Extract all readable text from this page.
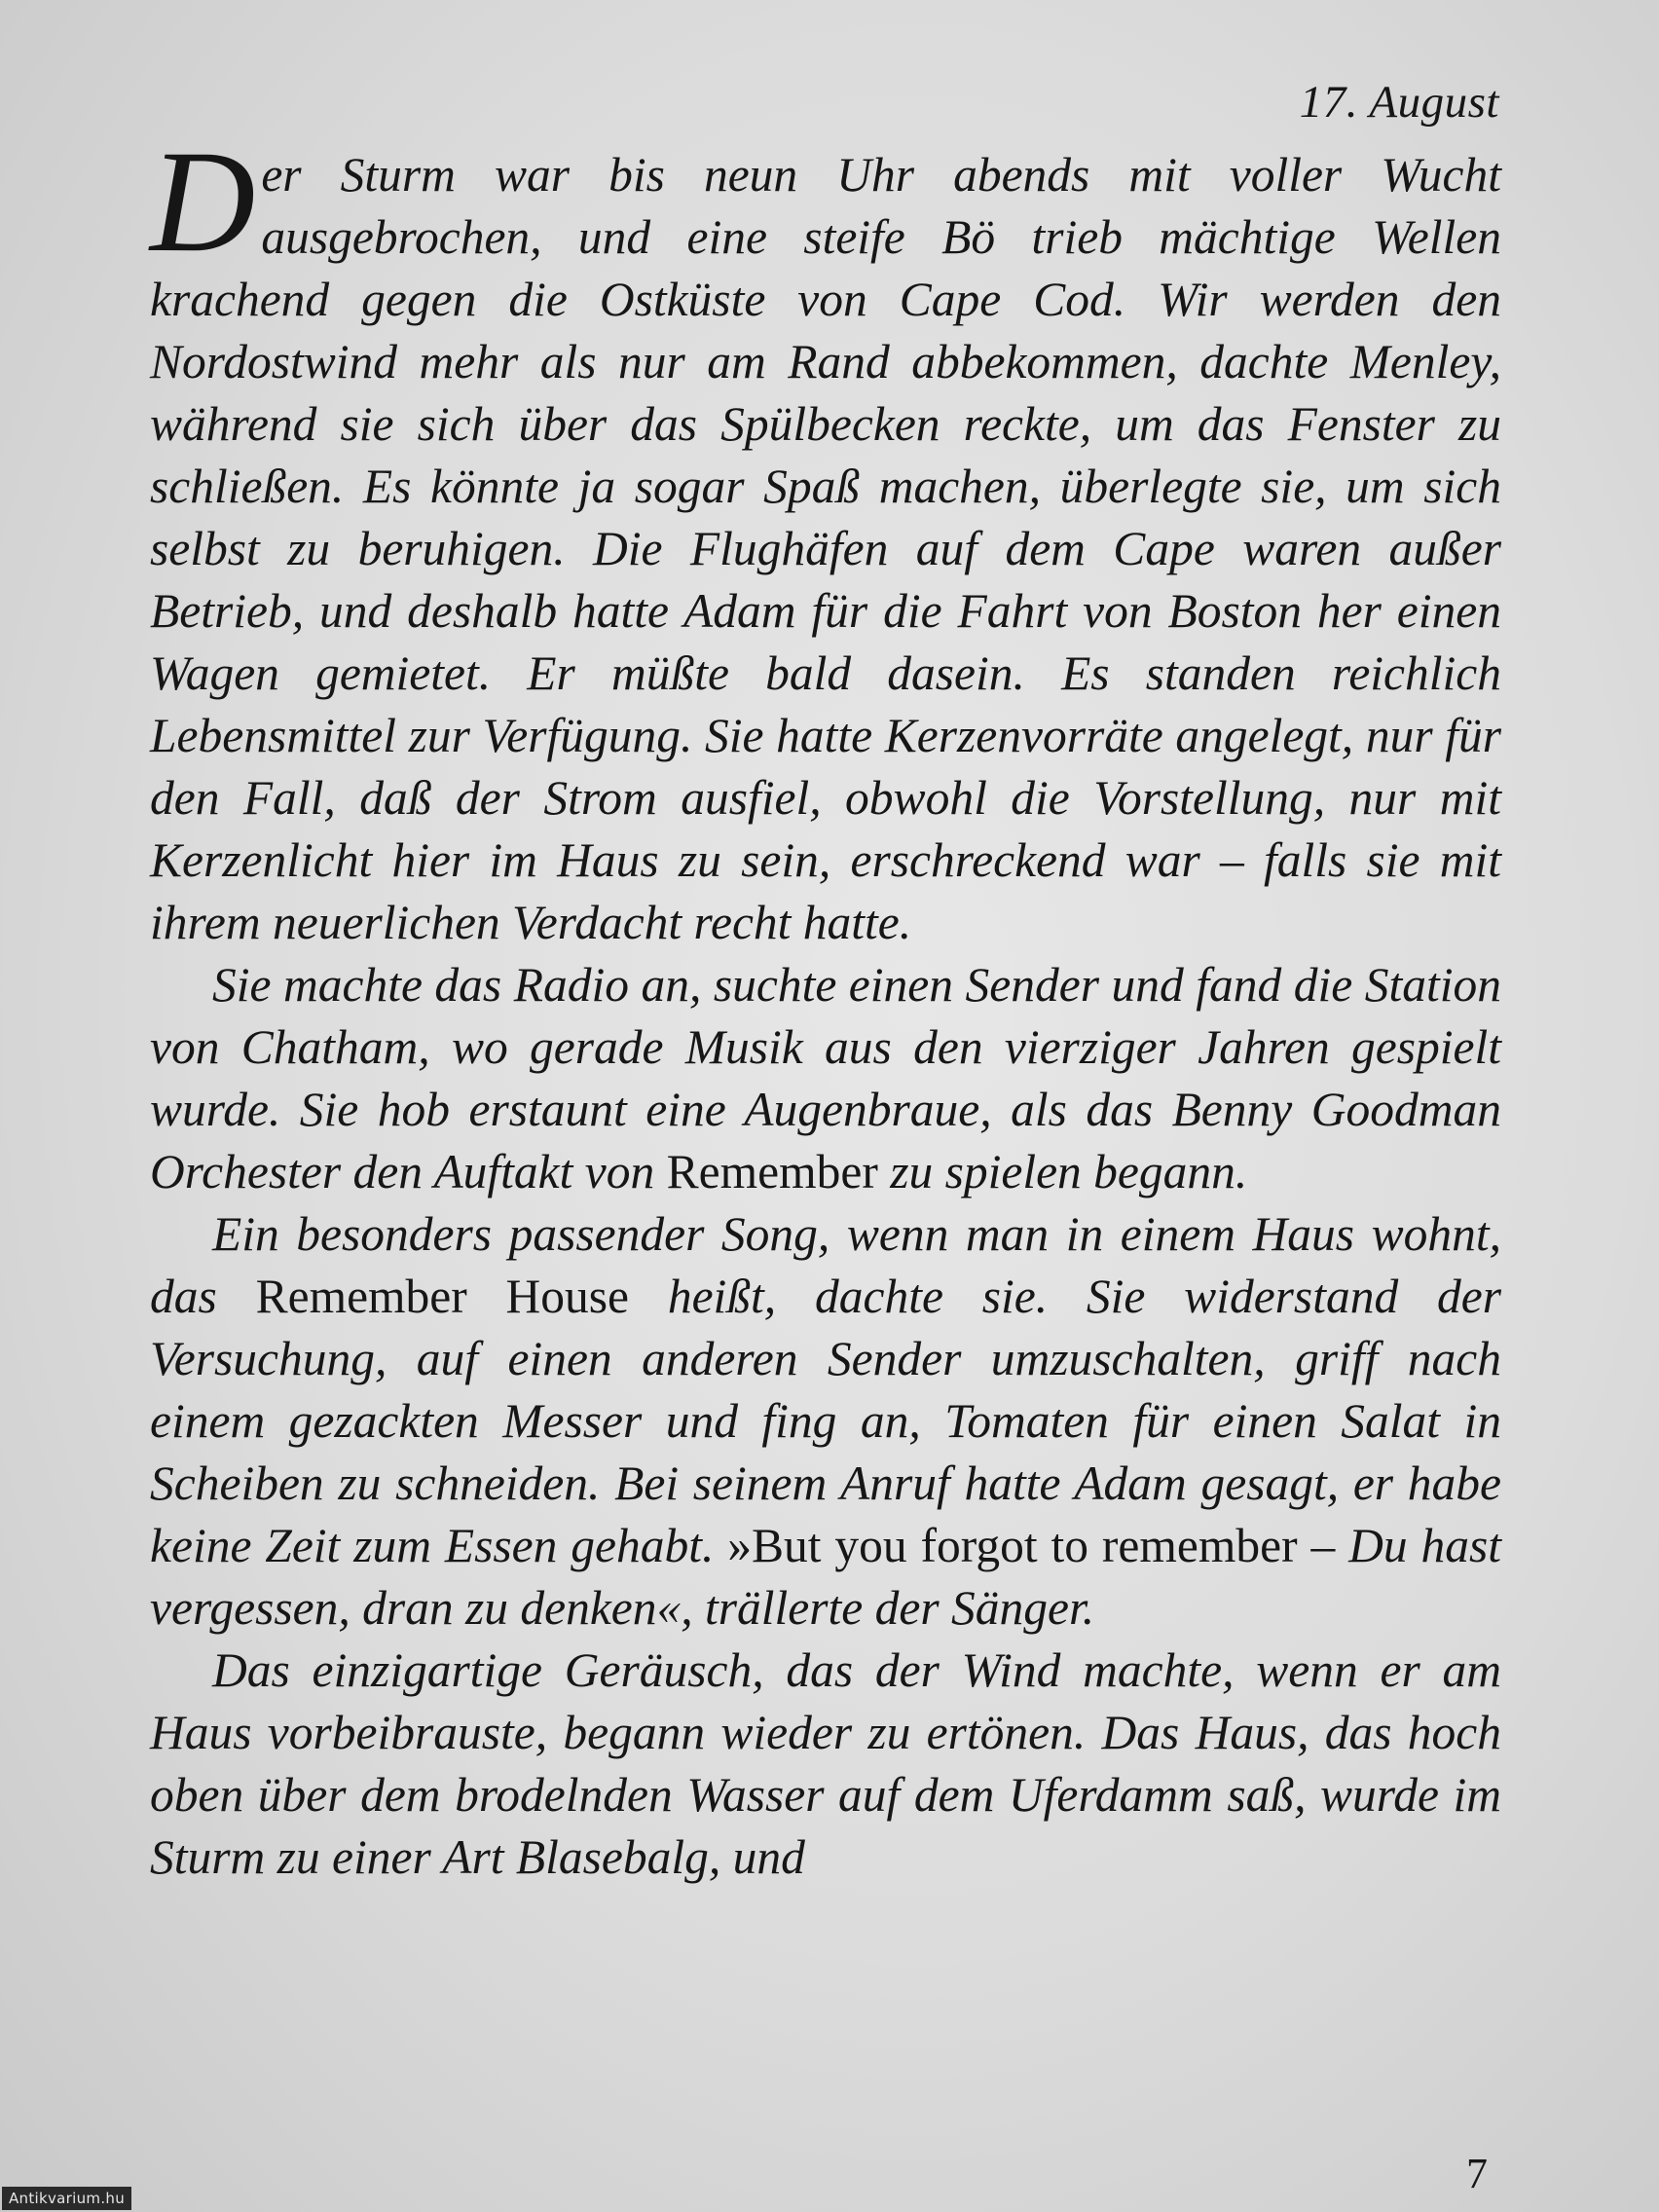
17. August

Der Sturm war bis neun Uhr abends mit voller Wucht ausgebrochen, und eine steife Bö trieb mächtige Wellen krachend gegen die Ostküste von Cape Cod. Wir werden den Nordostwind mehr als nur am Rand abbekommen, dachte Menley, während sie sich über das Spülbecken reckte, um das Fenster zu schließen. Es könnte ja sogar Spaß machen, überlegte sie, um sich selbst zu beruhigen. Die Flughäfen auf dem Cape waren außer Betrieb, und deshalb hatte Adam für die Fahrt von Boston her einen Wagen gemietet. Er müßte bald dasein. Es standen reichlich Lebensmittel zur Verfügung. Sie hatte Kerzenvorräte angelegt, nur für den Fall, daß der Strom ausfiel, obwohl die Vorstellung, nur mit Kerzenlicht hier im Haus zu sein, erschreckend war – falls sie mit ihrem neuerlichen Verdacht recht hatte.

Sie machte das Radio an, suchte einen Sender und fand die Station von Chatham, wo gerade Musik aus den vierziger Jahren gespielt wurde. Sie hob erstaunt eine Augenbraue, als das Benny Goodman Orchester den Auftakt von Remember zu spielen begann.

Ein besonders passender Song, wenn man in einem Haus wohnt, das Remember House heißt, dachte sie. Sie widerstand der Versuchung, auf einen anderen Sender umzuschalten, griff nach einem gezackten Messer und fing an, Tomaten für einen Salat in Scheiben zu schneiden. Bei seinem Anruf hatte Adam gesagt, er habe keine Zeit zum Essen gehabt. »But you forgot to remember – Du hast vergessen, dran zu denken«, trällerte der Sänger.

Das einzigartige Geräusch, das der Wind machte, wenn er am Haus vorbeibrauste, begann wieder zu ertönen. Das Haus, das hoch oben über dem brodelnden Wasser auf dem Uferdamm saß, wurde im Sturm zu einer Art Blasebalg, und

7
Antikvarium.hu
